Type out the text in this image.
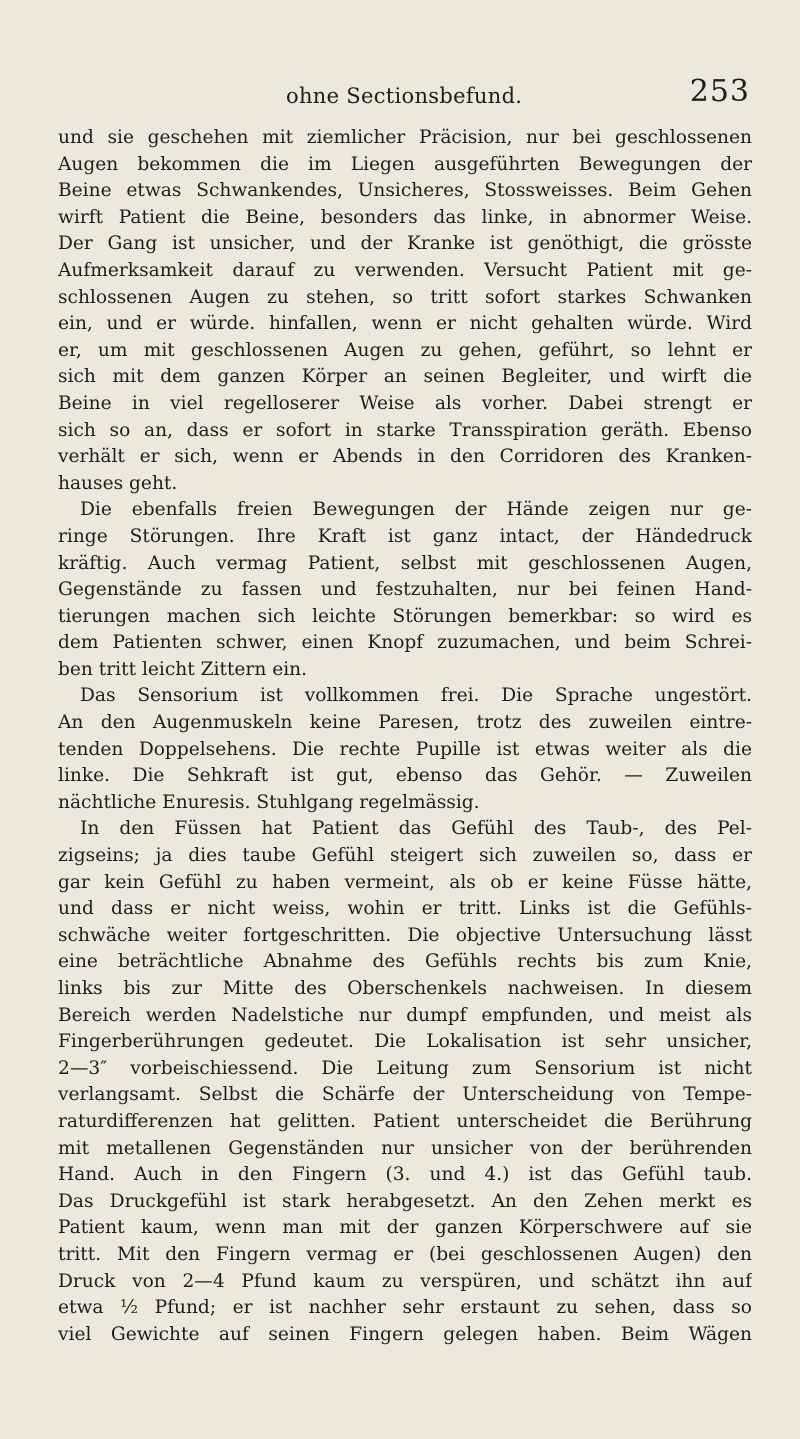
ohne Sectionsbefund.	253
und sie geschehen mit ziemlicher Präcision, nur bei geschlossenen
Augen bekommen die im Liegen ausgeführten Bewegungen der
Beine etwas Schwankendes, Unsicheres, Stossweisses. Beim Gehen
wirft Patient die Beine, besonders das linke, in abnormer Weise.
Der Gang ist unsicher, und der Kranke ist genöthigt, die grösste
Aufmerksamkeit darauf zu verwenden. Versucht Patient mit ge-
schlossenen Augen zu stehen, so tritt sofort starkes Schwanken
ein, und er würde. hinfallen, wenn er nicht gehalten würde. Wird
er, um mit geschlossenen Augen zu gehen, geführt, so lehnt er
sich mit dem ganzen Körper an seinen Begleiter, und wirft die
Beine in viel regelloserer Weise als vorher. Dabei strengt er
sich so an, dass er sofort in starke Transspiration geräth. Ebenso
verhält er sich, wenn er Abends in den Corridoren des Kranken-
hauses geht.
Die ebenfalls freien Bewegungen der Hände zeigen nur ge-
ringe Störungen. Ihre Kraft ist ganz intact, der Händedruck
kräftig. Auch vermag Patient, selbst mit geschlossenen Augen,
Gegenstände zu fassen und festzuhalten, nur bei feinen Hand-
tierungen machen sich leichte Störungen bemerkbar: so wird es
dem Patienten schwer, einen Knopf zuzumachen, und beim Schrei-
ben tritt leicht Zittern ein.
Das Sensorium ist vollkommen frei. Die Sprache ungestört.
An den Augenmuskeln keine Paresen, trotz des zuweilen eintre-
tenden Doppelsehens. Die rechte Pupille ist etwas weiter als die
linke. Die Sehkraft ist gut, ebenso das Gehör. — Zuweilen
nächtliche Enuresis. Stuhlgang regelmässig.
In den Füssen hat Patient das Gefühl des Taub-, des Pel-
zigseins; ja dies taube Gefühl steigert sich zuweilen so, dass er
gar kein Gefühl zu haben vermeint, als ob er keine Füsse hätte,
und dass er nicht weiss, wohin er tritt. Links ist die Gefühls-
schwäche weiter fortgeschritten. Die objective Untersuchung lässt
eine beträchtliche Abnahme des Gefühls rechts bis zum Knie,
links bis zur Mitte des Oberschenkels nachweisen. In diesem
Bereich werden Nadelstiche nur dumpf empfunden, und meist als
Fingerberührungen gedeutet. Die Lokalisation ist sehr unsicher,
2—3″ vorbeischiessend. Die Leitung zum Sensorium ist nicht
verlangsamt. Selbst die Schärfe der Unterscheidung von Tempe-
raturdifferenzen hat gelitten. Patient unterscheidet die Berührung
mit metallenen Gegenständen nur unsicher von der berührenden
Hand. Auch in den Fingern (3. und 4.) ist das Gefühl taub.
Das Druckgefühl ist stark herabgesetzt. An den Zehen merkt es
Patient kaum, wenn man mit der ganzen Körperschwere auf sie
tritt. Mit den Fingern vermag er (bei geschlossenen Augen) den
Druck von 2—4 Pfund kaum zu verspüren, und schätzt ihn auf
etwa ½ Pfund; er ist nachher sehr erstaunt zu sehen, dass so
viel Gewichte auf seinen Fingern gelegen haben. Beim Wägen
